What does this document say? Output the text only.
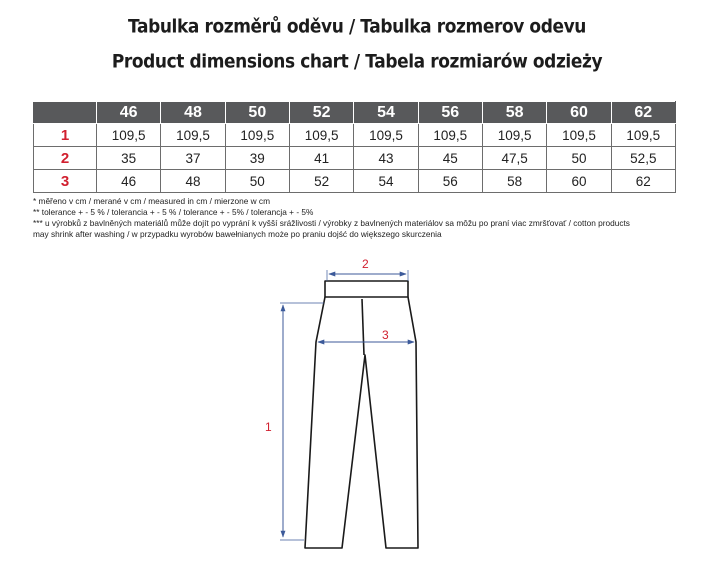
Tabulka rozměrů oděvu / Tabulka rozmerov odevu
Product dimensions chart / Tabela rozmiarów odzieży
	46	48	50	52	54	56	58	60	62
1	109,5	109,5	109,5	109,5	109,5	109,5	109,5	109,5	109,5
2	35	37	39	41	43	45	47,5	50	52,5
3	46	48	50	52	54	56	58	60	62

* měřeno v cm / merané v cm / measured in cm / mierzone w cm

** tolerance + - 5 % / tolerancia + - 5 % / tolerance + - 5% / tolerancja + - 5%

*** u výrobků z bavlněných materiálů může dojít po vyprání k vyšší srážlivosti / výrobky z bavlnených materiálov sa môžu po praní viac zmršťovať / cotton products

may shrink after washing / w przypadku wyrobów bawełnianych może po praniu dojść do większego skurczenia

1
2
3
